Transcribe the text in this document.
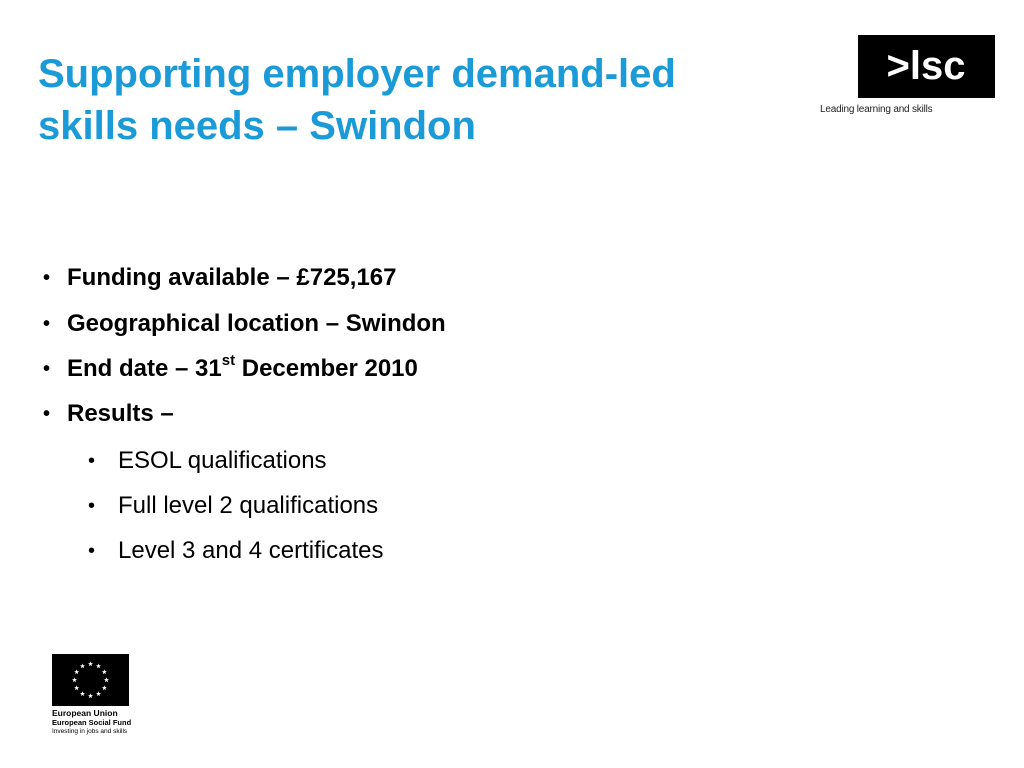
Supporting employer demand-led
skills needs – Swindon
>lsc
Leading learning and skills
• Funding available – £725,167
• Geographical location – Swindon
• End date – 31st December 2010
• Results –
• ESOL qualifications
• Full level 2 qualifications
• Level 3 and 4 certificates
European Union
European Social Fund
Investing in jobs and skills
